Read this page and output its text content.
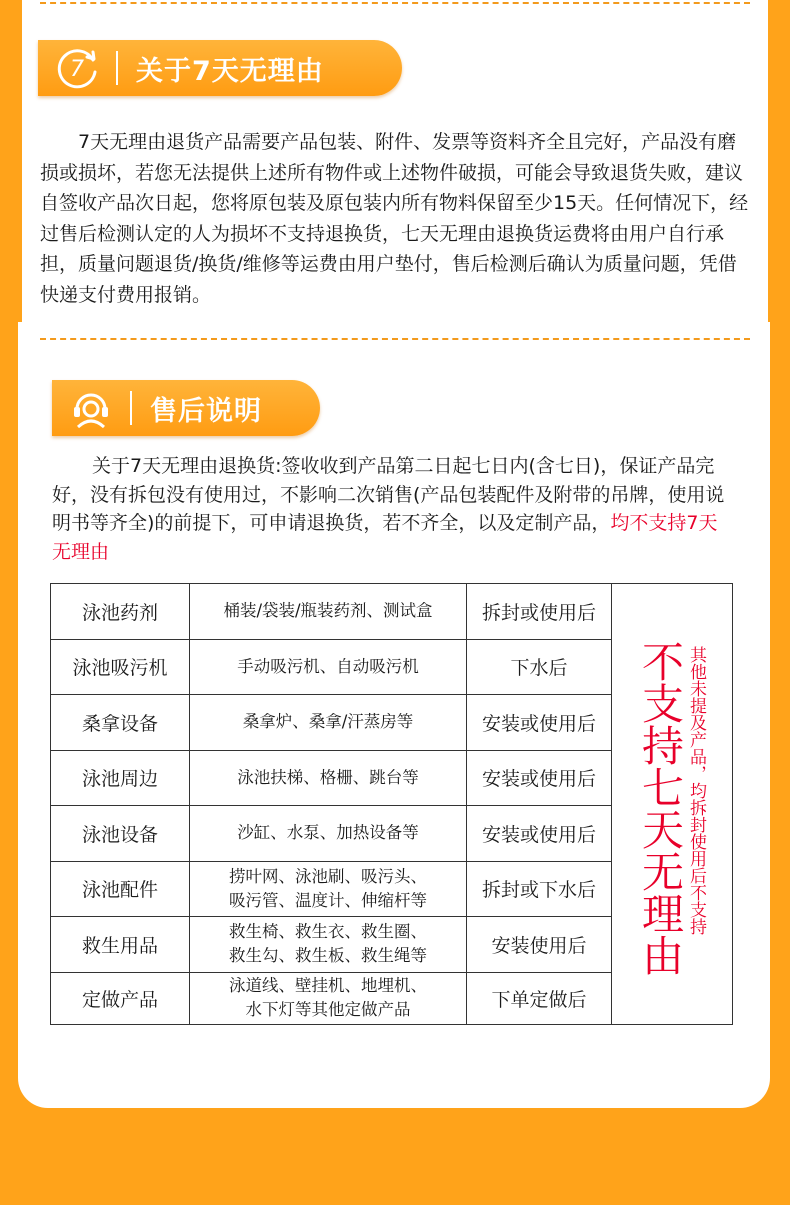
7 关于7天无理由
7天无理由退货产品需要产品包装、附件、发票等资料齐全且完好，产品没有磨损或损坏，若您无法提供上述所有物件或上述物件破损，可能会导致退货失败，建议自签收产品次日起，您将原包装及原包装内所有物料保留至少15天。任何情况下，经过售后检测认定的人为损坏不支持退换货，七天无理由退换货运费将由用户自行承担，质量问题退货/换货/维修等运费由用户垫付，售后检测后确认为质量问题，凭借快递支付费用报销。
售后说明
关于7天无理由退换货:签收收到产品第二日起七日内(含七日)，保证产品完好，没有拆包没有使用过，不影响二次销售(产品包装配件及附带的吊牌，使用说明书等齐全)的前提下，可申请退换货，若不齐全，以及定制产品，均不支持7天无理由
泳池药剂	桶装/袋装/瓶装药剂、测试盒	拆封或使用后	不支持七天无理由 其他未提及产品，均拆封使用后不支持

泳池吸污机	手动吸污机、自动吸污机	下水后	
桑拿设备	桑拿炉、桑拿/汗蒸房等	安装或使用后	
泳池周边	泳池扶梯、格栅、跳台等	安装或使用后	
泳池设备	沙缸、水泵、加热设备等	安装或使用后	
泳池配件	捞叶网、泳池刷、吸污头、
吸污管、温度计、伸缩杆等	拆封或下水后	
救生用品	救生椅、救生衣、救生圈、
救生勾、救生板、救生绳等	安装使用后	
定做产品	泳道线、壁挂机、地埋机、
水下灯等其他定做产品	下单定做后	
